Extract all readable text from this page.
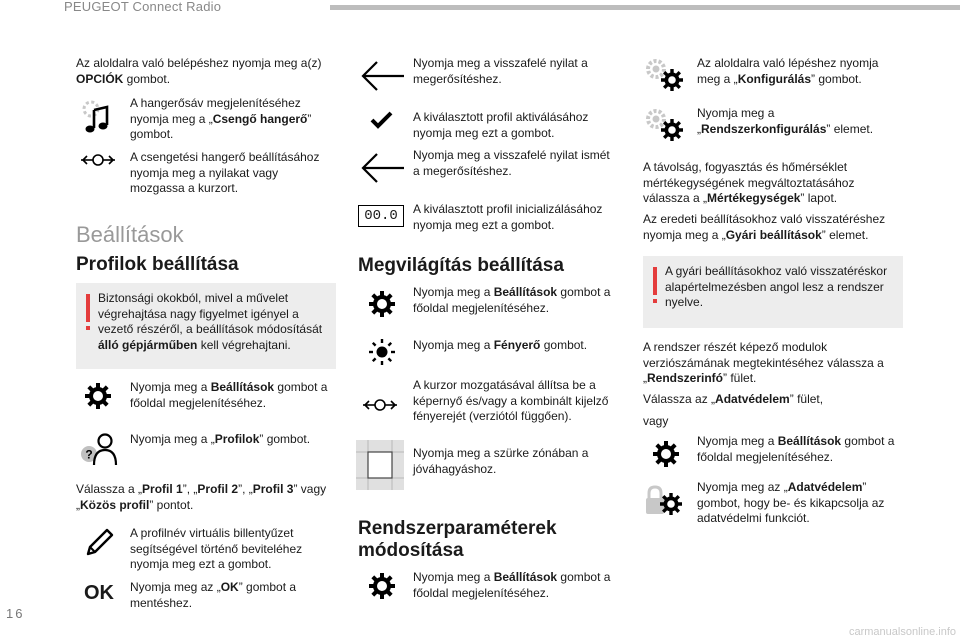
PEUGEOT Connect Radio
Az aloldalra való belépéshez nyomja meg a(z) OPCIÓK gombot.
A hangerősáv megjelenítéséhez nyomja meg a „Csengő hangerő” gombot.
A csengetési hangerő beállításához nyomja meg a nyilakat vagy mozgassa a kurzort.
Beállítások
Profilok beállítása
Biztonsági okokból, mivel a művelet végrehajtása nagy figyelmet igényel a vezető részéről, a beállítások módosítását álló gépjárműben kell végrehajtani.
Nyomja meg a Beállítások gombot a főoldal megjelenítéséhez.
?
Nyomja meg a „Profilok” gombot.
Válassza a „Profil 1”, „Profil 2”, „Profil 3” vagy „Közös profil” pontot.
A profilnév virtuális billentyűzet segítségével történő beviteléhez nyomja meg ezt a gombot.
OK Nyomja meg az „OK” gombot a mentéshez.
Nyomja meg a visszafelé nyilat a megerősítéshez.
A kiválasztott profil aktiválásához nyomja meg ezt a gombot.
Nyomja meg a visszafelé nyilat ismét a megerősítéshez.
00.0	A kiválasztott profil inicializálásához nyomja meg ezt a gombot.
Megvilágítás beállítása
Nyomja meg a Beállítások gombot a főoldal megjelenítéséhez.
Nyomja meg a Fényerő gombot.
A kurzor mozgatásával állítsa be a képernyő és/vagy a kombinált kijelző fényerejét (verziótól függően).
Nyomja meg a szürke zónában a jóváhagyáshoz.
Rendszerparaméterek
módosítása
Nyomja meg a Beállítások gombot a főoldal megjelenítéséhez.
Az aloldalra való lépéshez nyomja meg a „Konfigurálás” gombot.
Nyomja meg a „Rendszerkonfigurálás” elemet.
A távolság, fogyasztás és hőmérséklet mértékegységének megváltoztatásához válassza a „Mértékegységek” lapot.
Az eredeti beállításokhoz való visszatéréshez nyomja meg a „Gyári beállítások” elemet.
A gyári beállításokhoz való visszatéréskor alapértelmezésben angol lesz a rendszer nyelve.
A rendszer részét képező modulok verziószámának megtekintéséhez válassza a „Rendszerinfó” fület.
Válassza az „Adatvédelem” fület,
vagy
Nyomja meg a Beállítások gombot a főoldal megjelenítéséhez.
Nyomja meg az „Adatvédelem” gombot, hogy be- és kikapcsolja az adatvédelmi funkciót.
16
carmanualsonline.info
